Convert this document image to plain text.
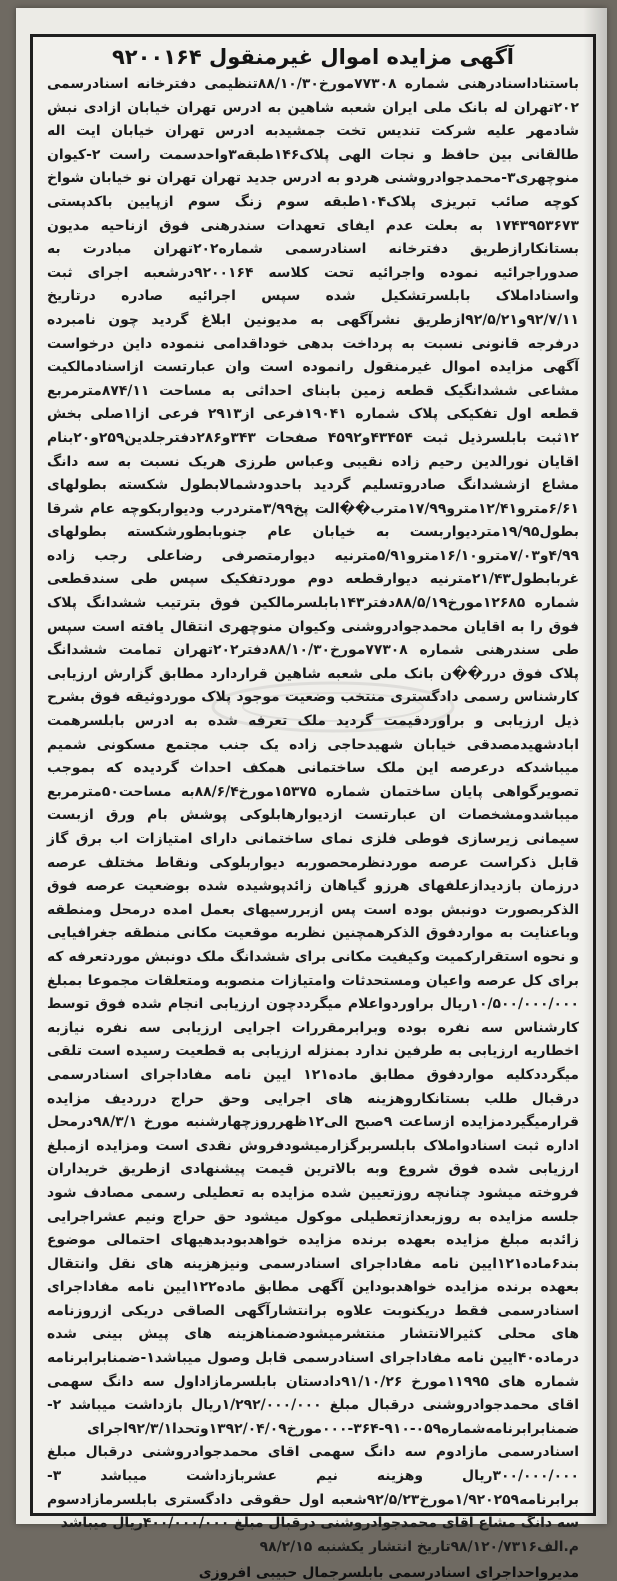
آگهی مزایده اموال غیرمنقول ۹۲۰۰۱۶۴

باستناداسنادرهنی شماره ۷۷۳۰۸مورخ۸۸/۱۰/۳۰تنظیمی دفترخانه اسنادرسمی ۲۰۲تهران له بانک ملی ایران شعبه شاهین به ادرس تهران خیابان ازادی نبش شادمهر علیه شرکت تندیس تخت جمشیدبه ادرس تهران خیابان ایت اله طالقانی بین حافظ و نجات الهی پلاک۱۴۶طبقه۳واحدسمت راست ۲-کیوان منوچهری۳-محمدجوادروشنی هردو به ادرس جدید تهران تهران نو خیابان شواخ کوچه صائب تبریزی پلاک۱۰۴طبقه سوم زنگ سوم ازپایین باکدپستی ۱۷۴۳۹۵۳۶۷۳ به بعلت عدم ایفای تعهدات سندرهنی فوق ازناحیه مدیون بستانکارازطریق دفترخانه اسنادرسمی شماره۲۰۲تهران مبادرت به صدوراجرائیه نموده واجرائیه تحت کلاسه ۹۲۰۰۱۶۴درشعبه اجرای ثبت واسناداملاک بابلسرتشکیل شده سپس اجرائیه صادره درتاریخ ۹۲/۷/۱۱و۹۲/۵/۲۱ازطریق نشرآگهی به مدیونین ابلاغ گردید چون نامبرده درفرجه قانونی نسبت به پرداخت بدهی خوداقدامی ننموده داین درخواست آگهی مزایده اموال غیرمنقول رانموده است وان عبارتست ازاسنادمالکیت مشاعی ششدانگیک قطعه زمین بابنای احداثی به مساحت ۸۷۴/۱۱مترمربع قطعه اول تفکیکی پلاک شماره ۱۹۰۴۱فرعی از۲۹۱۳ فرعی ازا۱صلی بخش ۱۲ثبت بابلسرذیل ثبت ۴۳۴۵۴و۴۵۹۲ صفحات ۳۴۳و۲۸۶دفترجلدین۲۵۹و۲۰بنام اقایان نورالدین رحیم زاده نقیبی وعباس طرزی هریک نسبت به سه دانگ مشاع ازششدانگ صادروتسلیم گردید باحدودشمالابطول شکسته بطولهای ۶/۶۱مترو۱۲/۴۱مترو۱۷/۹۹مترب��الت پخ۳/۹۹متردرب ودیواربکوچه عام شرقا بطول۱۹/۹۵متردیواربست به خیابان عام جنوبابطورشکسته بطولهای ۴/۹۹و۷/۰۳مترو۱۶/۱۰مترو۵/۹۱مترنیه دیوارمتصرفی رضاعلی رجب زاده غربابطول۲۱/۴۳مترنیه دیوارقطعه دوم موردتفکیک سپس طی سندقطعی شماره ۱۲۶۸۵مورخ۸۸/۵/۱۹دفتر۱۴۳بابلسرمالکین فوق بترتیب ششدانگ پلاک فوق را به اقایان محمدجوادروشنی وکیوان منوچهری انتقال یافته است سپس طی سندرهنی شماره ۷۷۳۰۸مورخ۸۸/۱۰/۳۰دفتر۲۰۲تهران تمامت ششدانگ پلاک فوق درر��ن بانک ملی شعبه شاهین قراردارد مطابق گزارش ارزیابی کارشناس رسمی دادگستری منتخب وضعیت موجود پلاک موردوثیقه فوق بشرح ذیل ارزیابی و براوردقیمت گردید ملک تعرفه شده به ادرس بابلسرهمت ابادشهیدمصدقی خیابان شهیدحاجی زاده یک جنب مجتمع مسکونی شمیم میباشدکه درعرصه این ملک ساختمانی همکف احداث گردیده که بموجب تصویرگواهی پایان ساختمان شماره ۱۵۳۷۵مورخ۸۸/۶/۴به مساحت۵۰مترمربع میباشدومشخصات ان عبارتست ازدیوارهابلوکی پوشش بام ورق ازبست سیمانی زیرسازی فوطی فلزی نمای ساختمانی دارای امتیازات اب برق گاز قابل ذکراست عرصه موردنظرمحصوربه دیواربلوکی ونقاط مختلف عرصه درزمان بازدیدازعلفهای هرزو گیاهان زائدپوشیده شده بوضعیت عرصه فوق الذکربصورت دونبش بوده است پس ازبررسیهای بعمل امده درمحل ومنطقه وباعنایت به مواردفوق الذکرهمچنین نظربه موقعیت مکانی منطقه جغرافیایی و نحوه استقرارکمیت وکیفیت مکانی برای ششدانگ ملک دونبش موردتعرفه که برای کل عرصه واعیان ومستحدثات وامتیازات منصوبه ومتعلقات مجموعا بمبلغ ۱۰/۵۰۰/۰۰۰/۰۰۰ریال براوردواعلام میگرددچون ارزیابی انجام شده فوق توسط کارشناس سه نفره بوده وبرابرمقررات اجرایی ارزیابی سه نفره نیازبه اخطاریه ارزیابی به طرفین ندارد بمنزله ارزیابی به قطعیت رسیده است تلقی میگرددکلیه مواردفوق مطابق ماده۱۲۱ ایین نامه مفاداجرای اسنادرسمی درقبال طلب بستانکاروهزینه های اجرایی وحق حراج درردیف مزایده قرارمیگیردمزایده ازساعت ۹صبح الی۱۲ظهرروزچهارشنبه مورخ ۹۸/۳/۱درمحل اداره ثبت اسنادواملاک بابلسربرگزارمیشودفروش نقدی است ومزایده ازمبلغ ارزیابی شده فوق شروع وبه بالاترین قیمت پیشنهادی ازطریق خریداران فروخته میشود چنانچه روزتعیین شده مزایده به تعطیلی رسمی مصادف شود جلسه مزایده به روزبعدازتعطیلی موکول میشود حق حراج ونیم عشراجرایی زائدبه مبلغ مزایده بعهده برنده مزایده خواهدبودبدهیهای احتمالی موضوع بند۶ماده۱۲۱ایین نامه مفاداجرای اسنادرسمی ونیزهزینه های نقل وانتقال بعهده برنده مزایده خواهدبوداین آگهی مطابق ماده۱۲۲ایین نامه مفاداجرای اسنادرسمی فقط دریکنوبت علاوه برانتشارآگهی الصاقی دریکی ازروزنامه های محلی کثیرالانتشار منتشرمیشودضمناهزینه های پیش بینی شده درماده۴۰ایین نامه مفاداجرای اسنادرسمی قابل وصول میباشد۱-ضمنابرابرنامه شماره های ۱۱۹۹۵مورخ ۹۱/۱۰/۲۶دادستان بابلسرمازاداول سه دانگ سهمی اقای محمدجوادروشنی درقبال مبلغ ۱/۲۹۲/۰۰۰/۰۰۰ریال بازداشت میباشد ۲-ضمنابرابرنامه‌شماره۰۵۹-۹۱۰-۳۶۴-۰۰۰مورخ۱۳۹۲/۰۴/۰۹وتحدا۹۲/۳/۱اجرای اسنادرسمی مازادوم سه دانگ سهمی اقای محمدجوادروشنی درقبال مبلغ ۳۰۰/۰۰۰/۰۰۰ریال وهزینه نیم عشربازداشت میباشد ۳-برابرنامه۱/۹۲۰۲۵۹مورخ۹۲/۵/۲۳شعبه اول حقوقی دادگستری بابلسرمازادسوم سه دانگ مشاع اقای محمدجوادروشنی درقبال مبلغ ۴۰۰/۰۰۰/۰۰۰ریال میباشد

م.الف۹۸/۱۲۰/۷۳۱۶تاریخ انتشار یکشنبه ۹۸/۲/۱۵
مدیرواحداجرای اسنادرسمی بابلسرجمال حبیبی افروزی
